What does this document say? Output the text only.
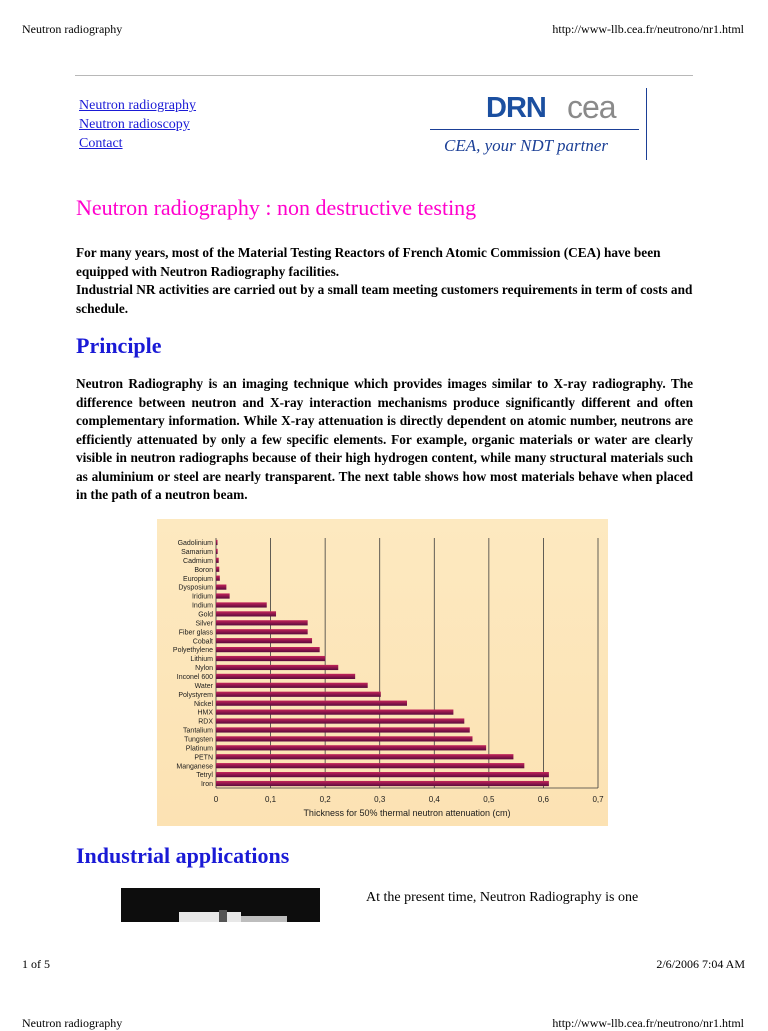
Neutron radiography	http://www-llb.cea.fr/neutrono/nr1.html
Neutron radiography
Neutron radioscopy
Contact
DRN cea
CEA, your NDT partner
Neutron radiography : non destructive testing

For many years, most of the Material Testing Reactors of French Atomic Commission (CEA) have been equipped with Neutron Radiography facilities.

Industrial NR activities are carried out by a small team meeting customers requirements in term of costs and schedule.

Principle

Neutron Radiography is an imaging technique which provides images similar to X-ray radiography. The difference between neutron and X-ray interaction mechanisms produce significantly different and often complementary information. While X-ray attenuation is directly dependent on atomic number, neutrons are efficiently attenuated by only a few specific elements. For example, organic materials or water are clearly visible in neutron radiographs because of their high hydrogen content, while many structural materials such as aluminium or steel are nearly transparent. The next table shows how most materials behave when placed in the path of a neutron beam.

0	0,1	0,2	0,3	0,4	0,5	0,6	0,7
Gadolinium
Samarium
Cadmium
Boron
Europium
Dysposium
Iridium
Indium
Gold
Silver
Fiber glass
Cobalt
Polyethylene
Lithium
Nylon
Inconel 600
Water
Polystyrem
Nickel
HMX
RDX
Tantalium
Tungsten
Platinum
PETN
Manganese
Tetryl
Iron
Thickness for 50% thermal neutron attenuation (cm)
Industrial applications
At the present time, Neutron Radiography is one
1 of 5	2/6/2006 7:04 AM
Neutron radiography	http://www-llb.cea.fr/neutrono/nr1.html
